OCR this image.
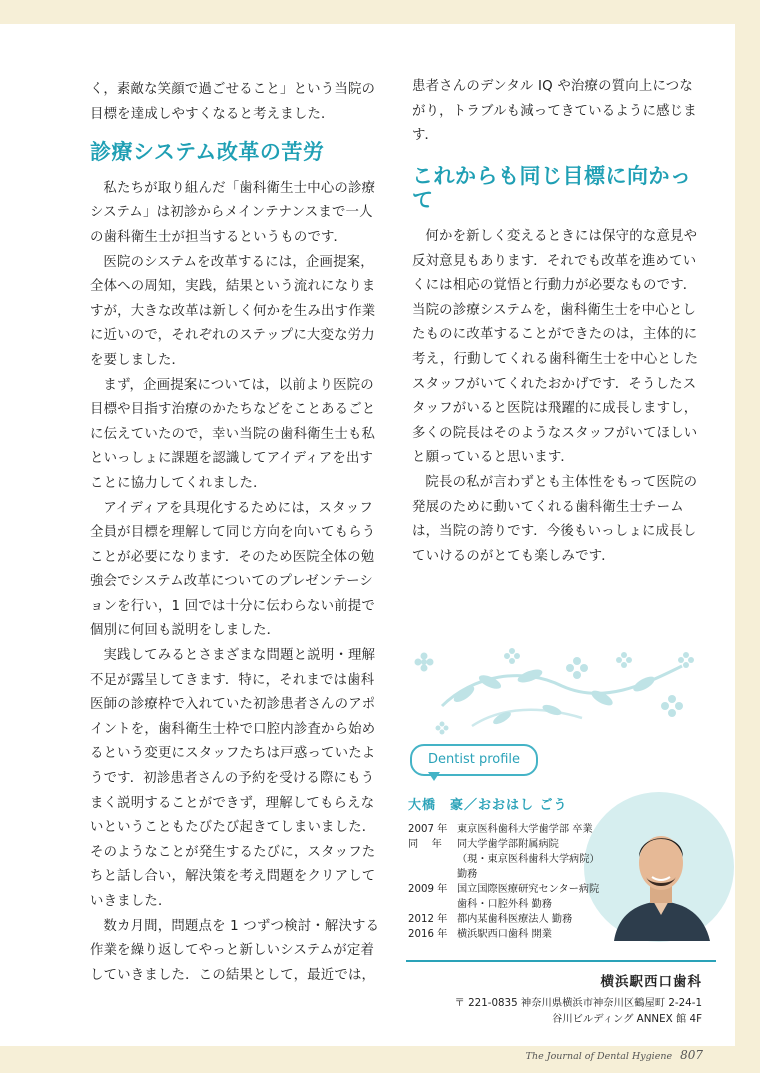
く，素敵な笑顔で過ごせること」という当院の目標を達成しやすくなると考えました．

診療システム改革の苦労

私たちが取り組んだ「歯科衛生士中心の診療システム」は初診からメインテナンスまで一人の歯科衛生士が担当するというものです．

医院のシステムを改革するには，企画提案，全体への周知，実践，結果という流れになりますが，大きな改革は新しく何かを生み出す作業に近いので，それぞれのステップに大変な労力を要しました．

まず，企画提案については，以前より医院の目標や目指す治療のかたちなどをことあるごとに伝えていたので，幸い当院の歯科衛生士も私といっしょに課題を認識してアイディアを出すことに協力してくれました．

アイディアを具現化するためには，スタッフ全員が目標を理解して同じ方向を向いてもらうことが必要になります．そのため医院全体の勉強会でシステム改革についてのプレゼンテーションを行い，1 回では十分に伝わらない前提で個別に何回も説明をしました．

実践してみるとさまざまな問題と説明・理解不足が露呈してきます．特に，それまでは歯科医師の診療枠で入れていた初診患者さんのアポイントを，歯科衛生士枠で口腔内診査から始めるという変更にスタッフたちは戸惑っていたようです．初診患者さんの予約を受ける際にもうまく説明することができず，理解してもらえないということもたびたび起きてしまいました．そのようなことが発生するたびに，スタッフたちと話し合い，解決策を考え問題をクリアしていきました．

数カ月間，問題点を 1 つずつ検討・解決する作業を繰り返してやっと新しいシステムが定着していきました．この結果として，最近では，

患者さんのデンタル IQ や治療の質向上につながり，トラブルも減ってきているように感じます．

これからも同じ目標に向かって

何かを新しく変えるときには保守的な意見や反対意見もあります．それでも改革を進めていくには相応の覚悟と行動力が必要なものです．当院の診療システムを，歯科衛生士を中心としたものに改革することができたのは，主体的に考え，行動してくれる歯科衛生士を中心としたスタッフがいてくれたおかげです．そうしたスタッフがいると医院は飛躍的に成長しますし，多くの院長はそのようなスタッフがいてほしいと願っていると思います．

院長の私が言わずとも主体性をもって医院の発展のために動いてくれる歯科衛生士チームは，当院の誇りです．今後もいっしょに成長していけるのがとても楽しみです．

Dentist profile
大橋　豪／おおはし ごう
2007 年 東京医科歯科大学歯学部 卒業
同　 年	同大学歯学部附属病院
（現・東京医科歯科大学病院）
勤務
2009 年 国立国際医療研究センター病院
歯科・口腔外科 勤務
2012 年 都内某歯科医療法人 勤務
2016 年 横浜駅西口歯科 開業
横浜駅西口歯科
〒 221-0835 神奈川県横浜市神奈川区鶴屋町 2-24-1
谷川ビルディング ANNEX 館 4F
The Journal of Dental Hygiene 807
